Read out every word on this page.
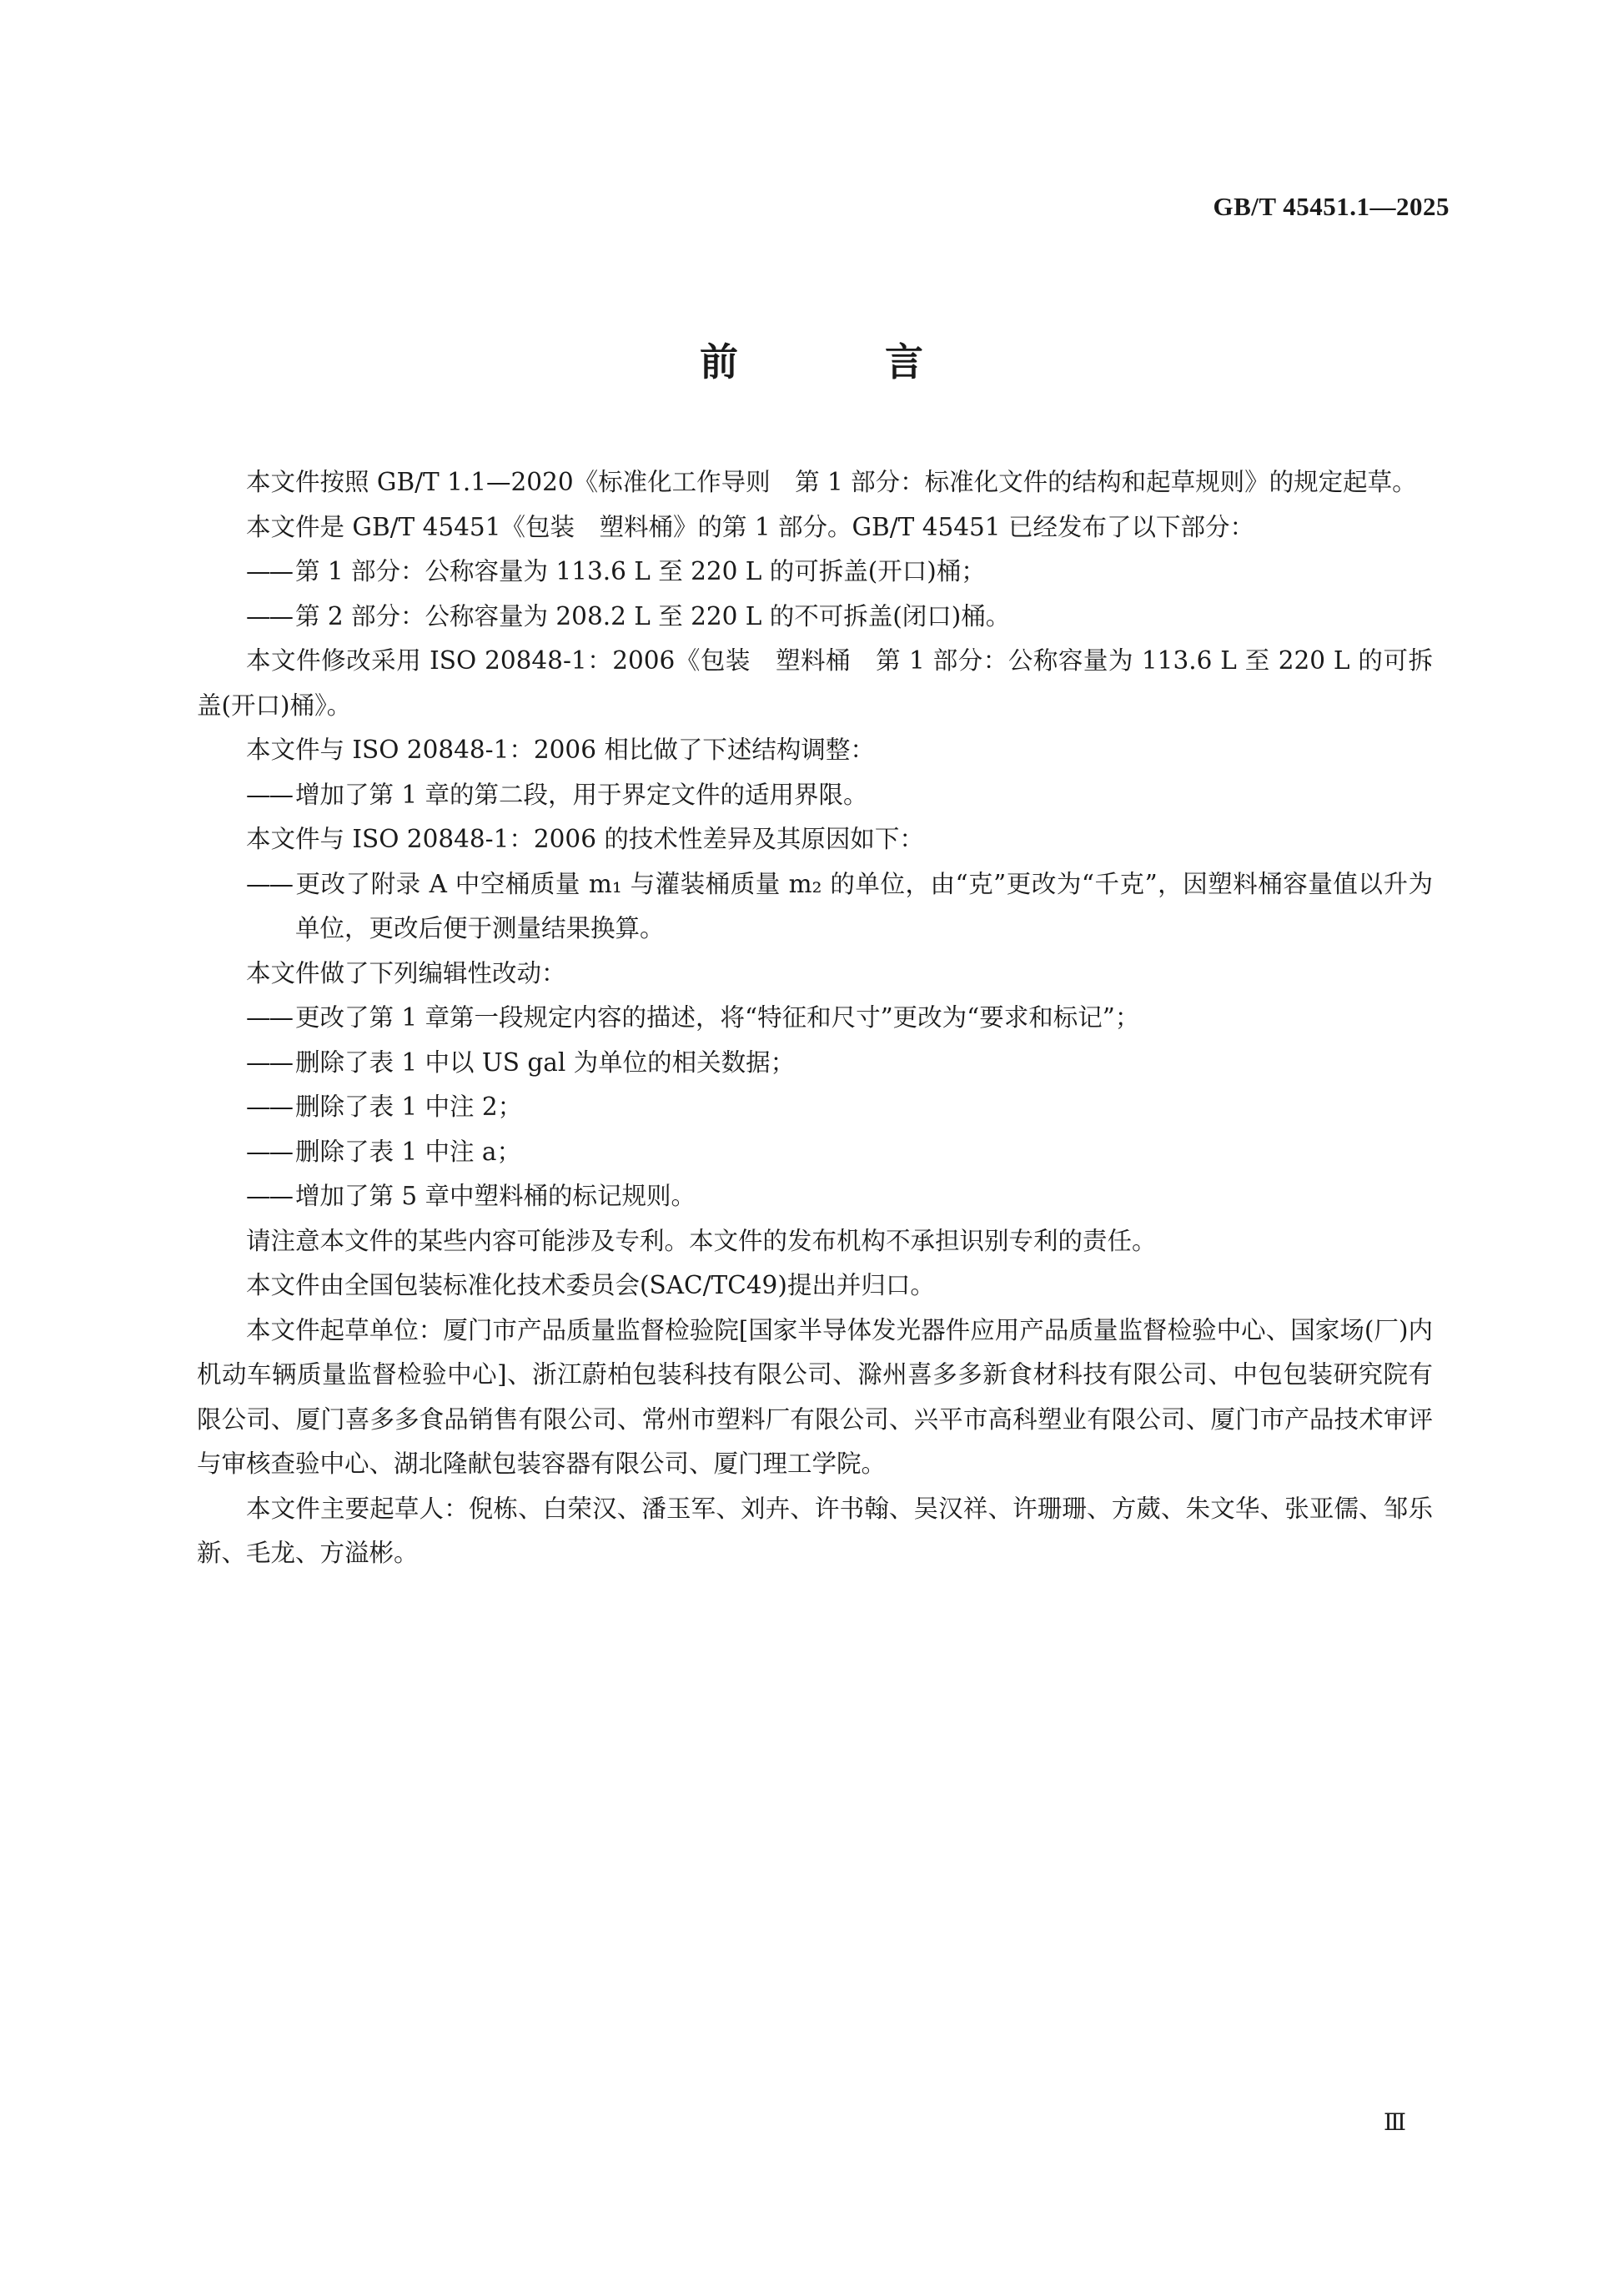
GB/T 45451.1—2025
前 言

本文件按照 GB/T 1.1—2020《标准化工作导则　第 1 部分：标准化文件的结构和起草规则》的规定起草。

本文件是 GB/T 45451《包装　塑料桶》的第 1 部分。GB/T 45451 已经发布了以下部分：

—— 第 1 部分：公称容量为 113.6 L 至 220 L 的可拆盖(开口)桶；

—— 第 2 部分：公称容量为 208.2 L 至 220 L 的不可拆盖(闭口)桶。

本文件修改采用 ISO 20848-1：2006《包装　塑料桶　第 1 部分：公称容量为 113.6 L 至 220 L 的可拆盖(开口)桶》。

本文件与 ISO 20848-1：2006 相比做了下述结构调整：

—— 增加了第 1 章的第二段，用于界定文件的适用界限。

本文件与 ISO 20848-1：2006 的技术性差异及其原因如下：

—— 更改了附录 A 中空桶质量 m₁ 与灌装桶质量 m₂ 的单位，由“克”更改为“千克”，因塑料桶容量值以升为单位，更改后便于测量结果换算。

本文件做了下列编辑性改动：

—— 更改了第 1 章第一段规定内容的描述，将“特征和尺寸”更改为“要求和标记”；

—— 删除了表 1 中以 US gal 为单位的相关数据；

—— 删除了表 1 中注 2；

—— 删除了表 1 中注 a；

—— 增加了第 5 章中塑料桶的标记规则。

请注意本文件的某些内容可能涉及专利。本文件的发布机构不承担识别专利的责任。

本文件由全国包装标准化技术委员会(SAC/TC49)提出并归口。

本文件起草单位：厦门市产品质量监督检验院[国家半导体发光器件应用产品质量监督检验中心、国家场(厂)内机动车辆质量监督检验中心]、浙江蔚柏包装科技有限公司、滁州喜多多新食材科技有限公司、中包包装研究院有限公司、厦门喜多多食品销售有限公司、常州市塑料厂有限公司、兴平市高科塑业有限公司、厦门市产品技术审评与审核查验中心、湖北隆献包装容器有限公司、厦门理工学院。

本文件主要起草人：倪栋、白荣汉、潘玉军、刘卉、许书翰、吴汉祥、许珊珊、方葳、朱文华、张亚儒、邹乐新、毛龙、方溢彬。

Ⅲ
